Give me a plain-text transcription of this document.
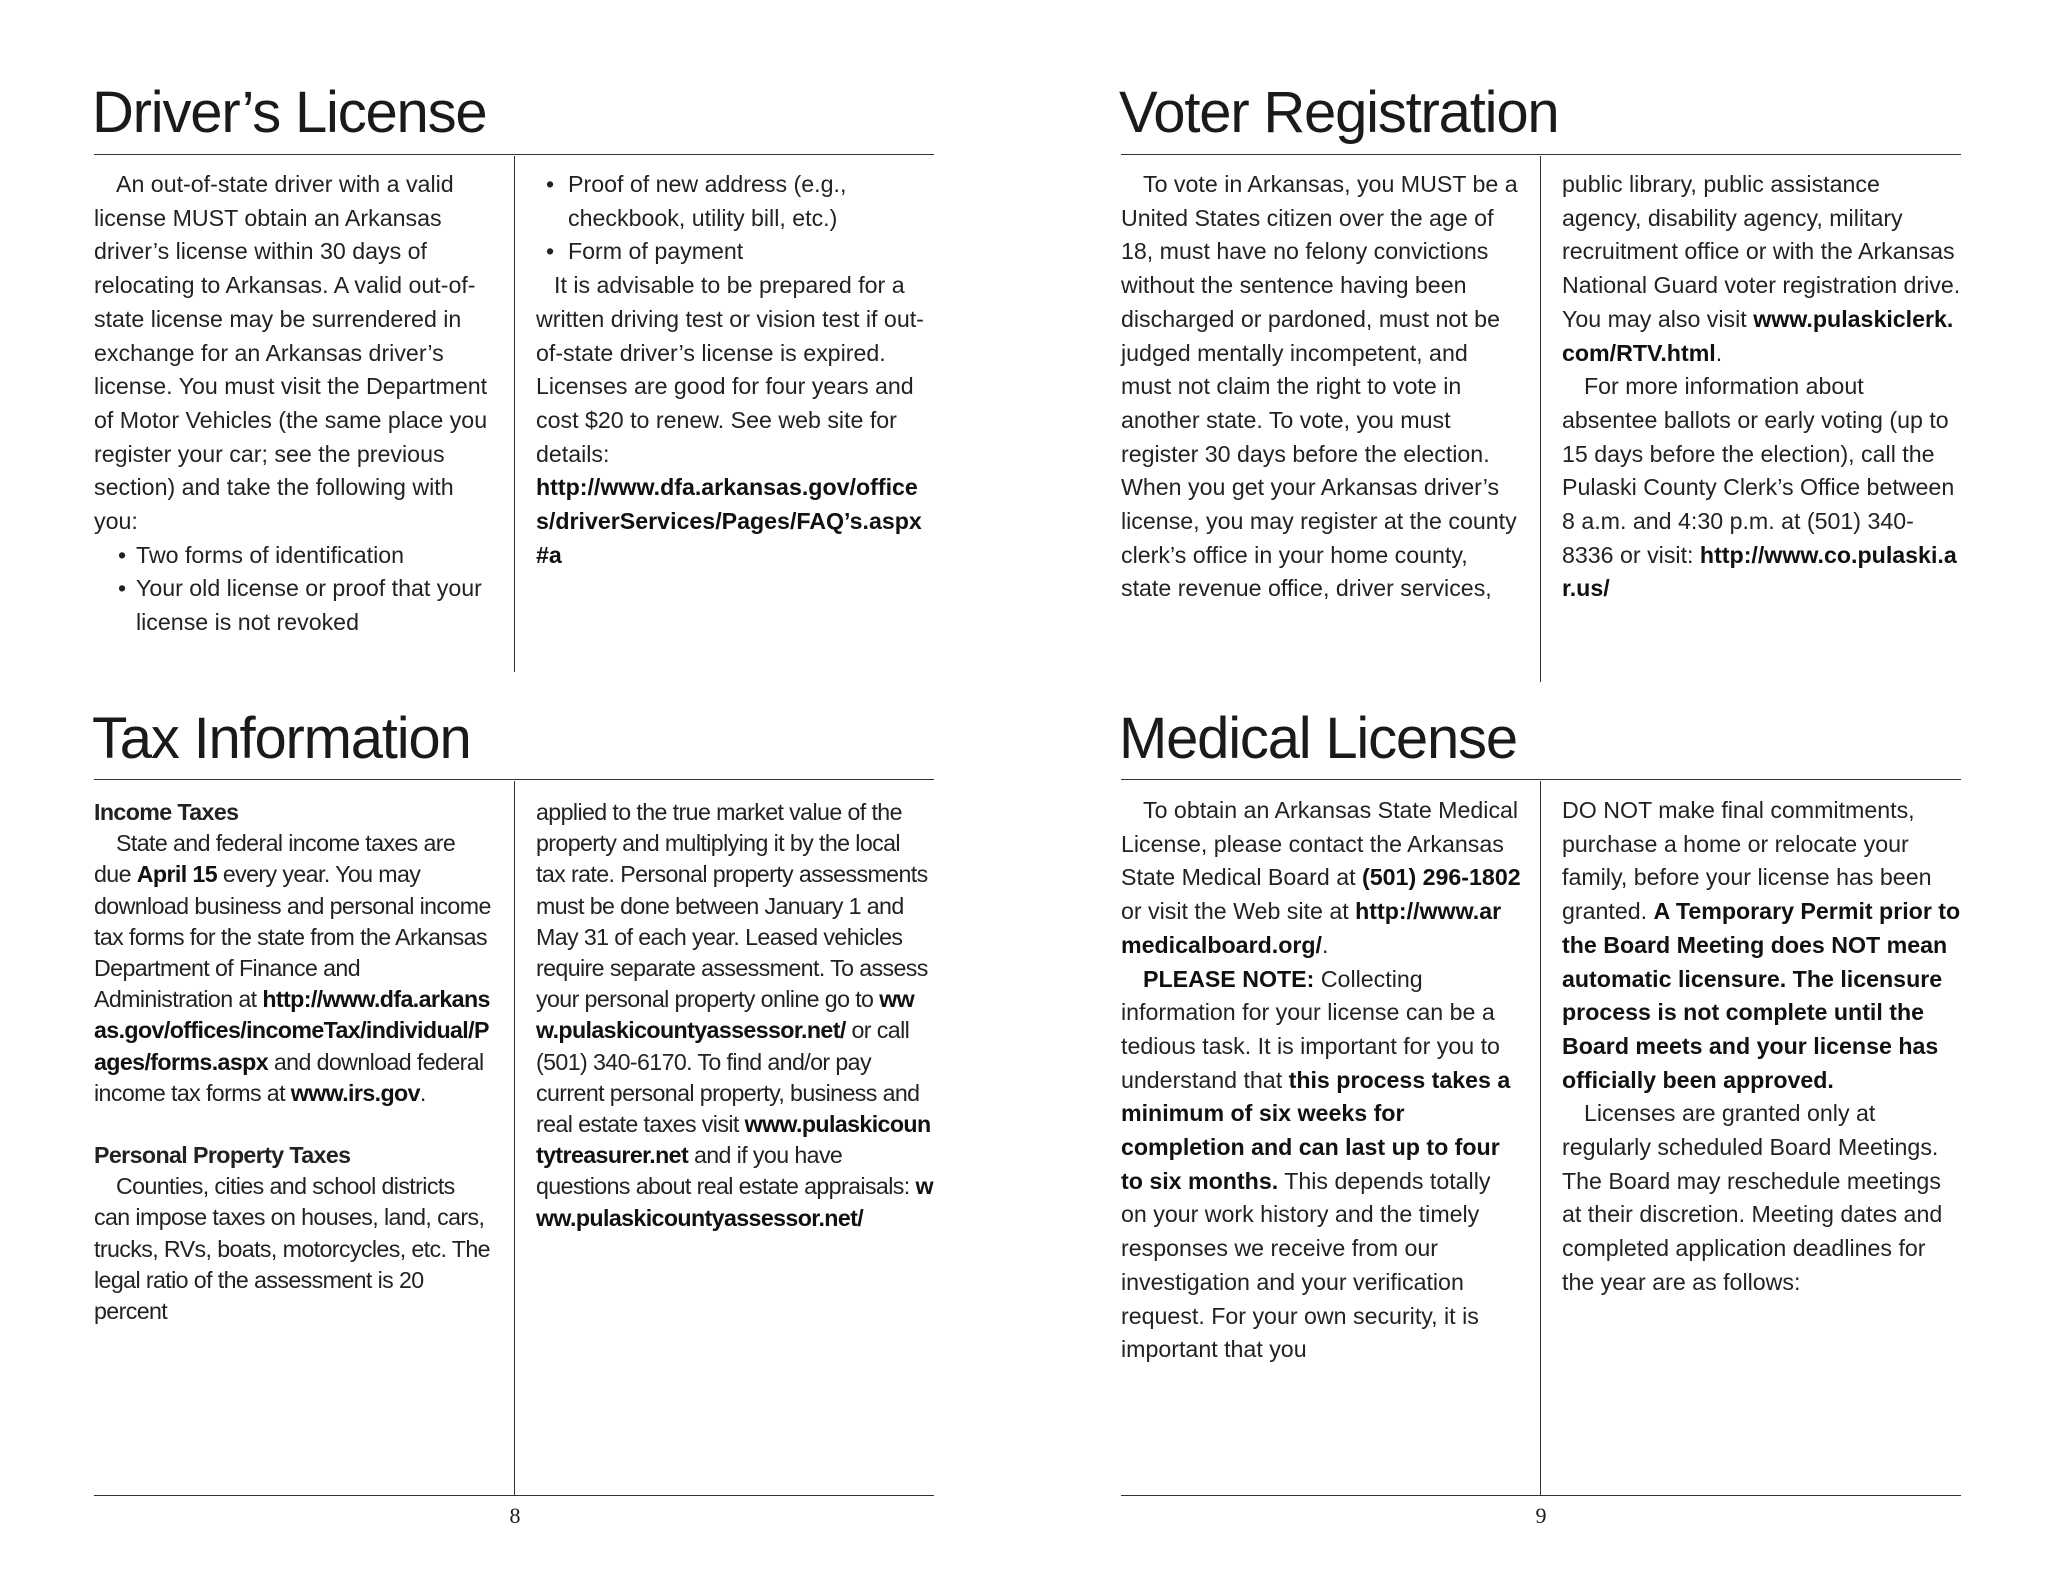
Driver’s License

An out-of-state driver with a valid license MUST obtain an Arkansas driver’s license within 30 days of relocating to Arkansas. A valid out-of-state license may be surrendered in exchange for an Arkansas driver’s license. You must visit the Department of Motor Vehicles (the same place you register your car; see the previous section) and take the following with you:

• Two forms of identification

• Your old license or proof that your license is not revoked

• Proof of new address (e.g., checkbook, utility bill, etc.)

• Form of payment

It is advisable to be prepared for a written driving test or vision test if out-of-state driver’s license is expired. Licenses are good for four years and cost $20 to renew. See web site for details:
http://www.dfa.arkansas.gov/offices/driverServices/Pages/FAQ’s.aspx#a

Tax Information

Income Taxes

State and federal income taxes are due April 15 every year. You may download business and personal income tax forms for the state from the Arkansas Department of Finance and Administration at http://www.dfa.arkansas.gov/offices/incomeTax/individual/Pages/forms.aspx and download federal income tax forms at www.irs.gov.

Personal Property Taxes

Counties, cities and school districts can impose taxes on houses, land, cars, trucks, RVs, boats, motorcycles, etc. The legal ratio of the assessment is 20 percent

applied to the true market value of the property and multiplying it by the local tax rate. Personal property assessments must be done between January 1 and May 31 of each year. Leased vehicles require separate assessment. To assess your personal property online go to www.pulaskicountyassessor.net/ or call (501) 340-6170. To find and/or pay current personal property, business and real estate taxes visit www.pulaskicountytreasurer.net and if you have questions about real estate appraisals: www.pulaskicountyassessor.net/

8
Voter Registration

To vote in Arkansas, you MUST be a United States citizen over the age of 18, must have no felony convictions without the sentence having been discharged or pardoned, must not be judged mentally incompetent, and must not claim the right to vote in another state. To vote, you must register 30 days before the election. When you get your Arkansas driver’s license, you may register at the county clerk’s office in your home county, state revenue office, driver services,

public library, public assistance agency, disability agency, military recruitment office or with the Arkansas National Guard voter registration drive. You may also visit www.pulaskiclerk.com/RTV.html.

For more information about absentee ballots or early voting (up to 15 days before the election), call the Pulaski County Clerk’s Office between 8 a.m. and 4:30 p.m. at (501) 340-8336 or visit: http://www.co.pulaski.ar.us/

Medical License

To obtain an Arkansas State Medical License, please contact the Arkansas State Medical Board at (501) 296-1802 or visit the Web site at http://www.armedicalboard.org/.

PLEASE NOTE: Collecting information for your license can be a tedious task. It is important for you to understand that this process takes a minimum of six weeks for completion and can last up to four to six months. This depends totally on your work history and the timely responses we receive from our investigation and your verification request. For your own security, it is important that you

DO NOT make final commitments, purchase a home or relocate your family, before your license has been granted. A Temporary Permit prior to the Board Meeting does NOT mean automatic licensure. The licensure process is not complete until the Board meets and your license has officially been approved.

Licenses are granted only at regularly scheduled Board Meetings. The Board may reschedule meetings at their discretion. Meeting dates and completed application deadlines for the year are as follows:

9
